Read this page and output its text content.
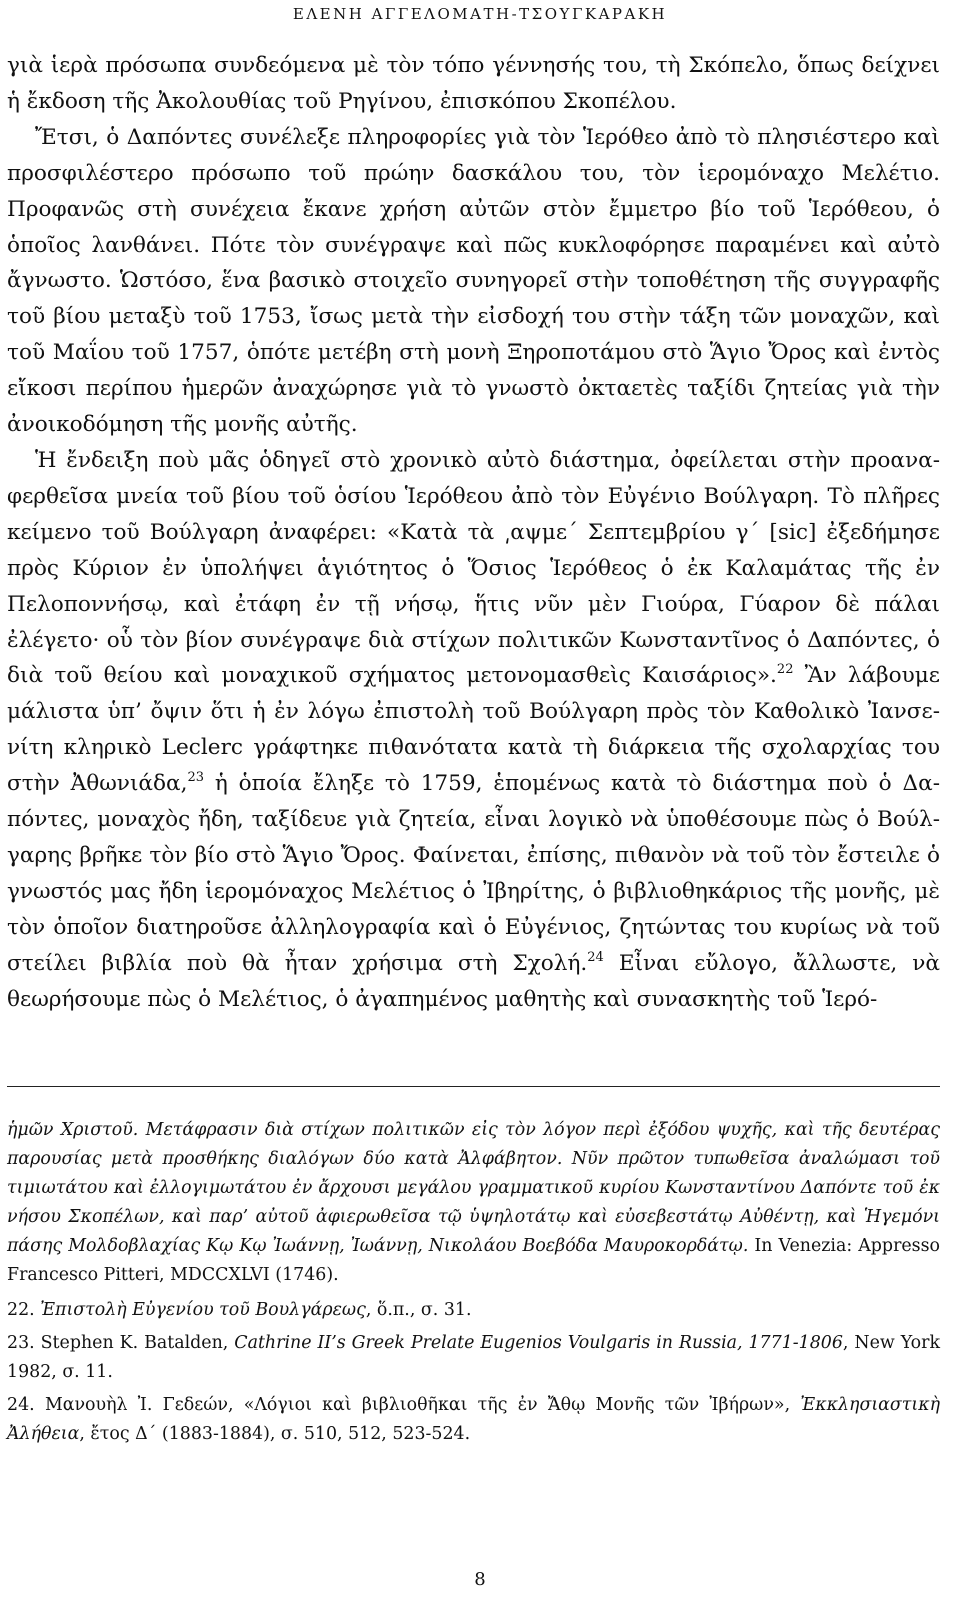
ΕΛΕΝΗ ΑΓΓΕΛΟΜΑΤΗ-ΤΣΟΥΓΚΑΡΑΚΗ

γιὰ ἱερὰ πρόσωπα συνδεόμενα μὲ τὸν τόπο γέννησής του, τὴ Σκόπελο, ὅπως δείχνει ἡ ἔκδοση τῆς Ἀκολουθίας τοῦ Ρηγίνου, ἐπισκόπου Σκοπέλου.

Ἔτσι, ὁ Δαπόντες συνέλεξε πληροφορίες γιὰ τὸν Ἱερόθεο ἀπὸ τὸ πλησιέστερο καὶ προσφιλέστερο πρόσωπο τοῦ πρώην δασκάλου του, τὸν ἱερομόναχο Μελέτιο. Προφανῶς στὴ συνέχεια ἔκανε χρήση αὐτῶν στὸν ἔμμετρο βίο τοῦ Ἱερόθεου, ὁ ὁποῖος λανθάνει. Πότε τὸν συνέγραψε καὶ πῶς κυκλοφόρησε παραμένει καὶ αὐτὸ ἄγνωστο. Ὡστόσο, ἕνα βασικὸ στοιχεῖο συνηγορεῖ στὴν τοποθέτηση τῆς συγγραφῆς τοῦ βίου μεταξὺ τοῦ 1753, ἴσως μετὰ τὴν εἰσδοχή του στὴν τάξη τῶν μοναχῶν, καὶ τοῦ Μαΐου τοῦ 1757, ὁπότε μετέβη στὴ μονὴ Ξηροποτάμου στὸ Ἅγιο Ὄρος καὶ ἐντὸς εἴκοσι περίπου ἡμερῶν ἀναχώρησε γιὰ τὸ γνωστὸ ὀκταετὲς ταξίδι ζητείας γιὰ τὴν ἀνοικοδόμηση τῆς μονῆς αὐτῆς.

Ἡ ἔνδειξη ποὺ μᾶς ὁδηγεῖ στὸ χρονικὸ αὐτὸ διάστημα, ὀφείλεται στὴν προαναφερθεῖσα μνεία τοῦ βίου τοῦ ὁσίου Ἱερόθεου ἀπὸ τὸν Εὐγένιο Βούλγαρη. Τὸ πλῆρες κείμενο τοῦ Βούλγαρη ἀναφέρει: «Κατὰ τὰ ͵αψμε΄ Σεπτεμβρίου γ΄ [sic] ἐξεδήμησε πρὸς Κύριον ἐν ὑπολήψει ἁγιότητος ὁ Ὅσιος Ἱερόθεος ὁ ἐκ Καλαμάτας τῆς ἐν Πελοποννήσῳ, καὶ ἐτάφη ἐν τῇ νήσῳ, ἥτις νῦν μὲν Γιούρα, Γύαρον δὲ πάλαι ἐλέγετο· οὗ τὸν βίον συνέγραψε διὰ στίχων πολιτικῶν Κωνσταντῖνος ὁ Δαπόντες, ὁ διὰ τοῦ θείου καὶ μοναχικοῦ σχήματος μετονομασθεὶς Καισάριος».$^{22}$ Ἂν λάβουμε μάλιστα ὑπ’ ὄψιν ὅτι ἡ ἐν λόγω ἐπιστολὴ τοῦ Βούλγαρη πρὸς τὸν Καθολικὸ Ἰανσενίτη κληρικὸ Leclerc γράφτηκε πιθανότατα κατὰ τὴ διάρκεια τῆς σχολαρχίας του στὴν Ἀθωνιάδα,$^{23}$ ἡ ὁποία ἔληξε τὸ 1759, ἑπομένως κατὰ τὸ διάστημα ποὺ ὁ Δαπόντες, μοναχὸς ἤδη, ταξίδευε γιὰ ζητεία, εἶναι λογικὸ νὰ ὑποθέσουμε πὼς ὁ Βούλγαρης βρῆκε τὸν βίο στὸ Ἅγιο Ὄρος. Φαίνεται, ἐπίσης, πιθανὸν νὰ τοῦ τὸν ἔστειλε ὁ γνωστός μας ἤδη ἱερομόναχος Μελέτιος ὁ Ἰβηρίτης, ὁ βιβλιοθηκάριος τῆς μονῆς, μὲ τὸν ὁποῖον διατηροῦσε ἀλληλογραφία καὶ ὁ Εὐγένιος, ζητώντας του κυρίως νὰ τοῦ στείλει βιβλία ποὺ θὰ ἦταν χρήσιμα στὴ Σχολή.$^{24}$ Εἶναι εὔλογο, ἄλλωστε, νὰ θεωρήσουμε πὼς ὁ Μελέτιος, ὁ ἀγαπημένος μαθητὴς καὶ συνασκητὴς τοῦ Ἱερό-

ἡμῶν Χριστοῦ. Μετάφρασιν διὰ στίχων πολιτικῶν εἰς τὸν λόγον περὶ ἐξόδου ψυχῆς, καὶ τῆς δευτέρας παρουσίας μετὰ προσθήκης διαλόγων δύο κατὰ Ἀλφάβητον. Νῦν πρῶτον τυπωθεῖσα ἀναλώμασι τοῦ τιμιωτάτου καὶ ἐλλογιμωτάτου ἐν ἄρχουσι μεγάλου γραμματικοῦ κυρίου Κωνσταντίνου Δαπόντε τοῦ ἐκ νήσου Σκοπέλων, καὶ παρ’ αὐτοῦ ἀφιερωθεῖσα τῷ ὑψηλοτάτῳ καὶ εὐσεβεστάτῳ Αὐθέντῃ, καὶ Ἡγεμόνι πάσης Μολδοβλαχίας Κῳ Κῳ Ἰωάννῃ, Ἰωάννῃ, Νικολάου Βοεβόδα Μαυροκορδάτῳ. In Venezia: Appresso Francesco Pitteri, MDCCXLVI (1746).

22. Ἐπιστολὴ Εὐγενίου τοῦ Βουλγάρεως, ὅ.π., σ. 31.

23. Stephen K. Batalden, Cathrine II’s Greek Prelate Eugenios Voulgaris in Russia, 1771-1806, New York 1982, σ. 11.

24. Μανουὴλ Ἰ. Γεδεών, «Λόγιοι καὶ βιβλιοθῆκαι τῆς ἐν Ἄθῳ Μονῆς τῶν Ἰβήρων», Ἐκκλησιαστικὴ Ἀλήθεια, ἔτος Δ΄ (1883-1884), σ. 510, 512, 523-524.

8
